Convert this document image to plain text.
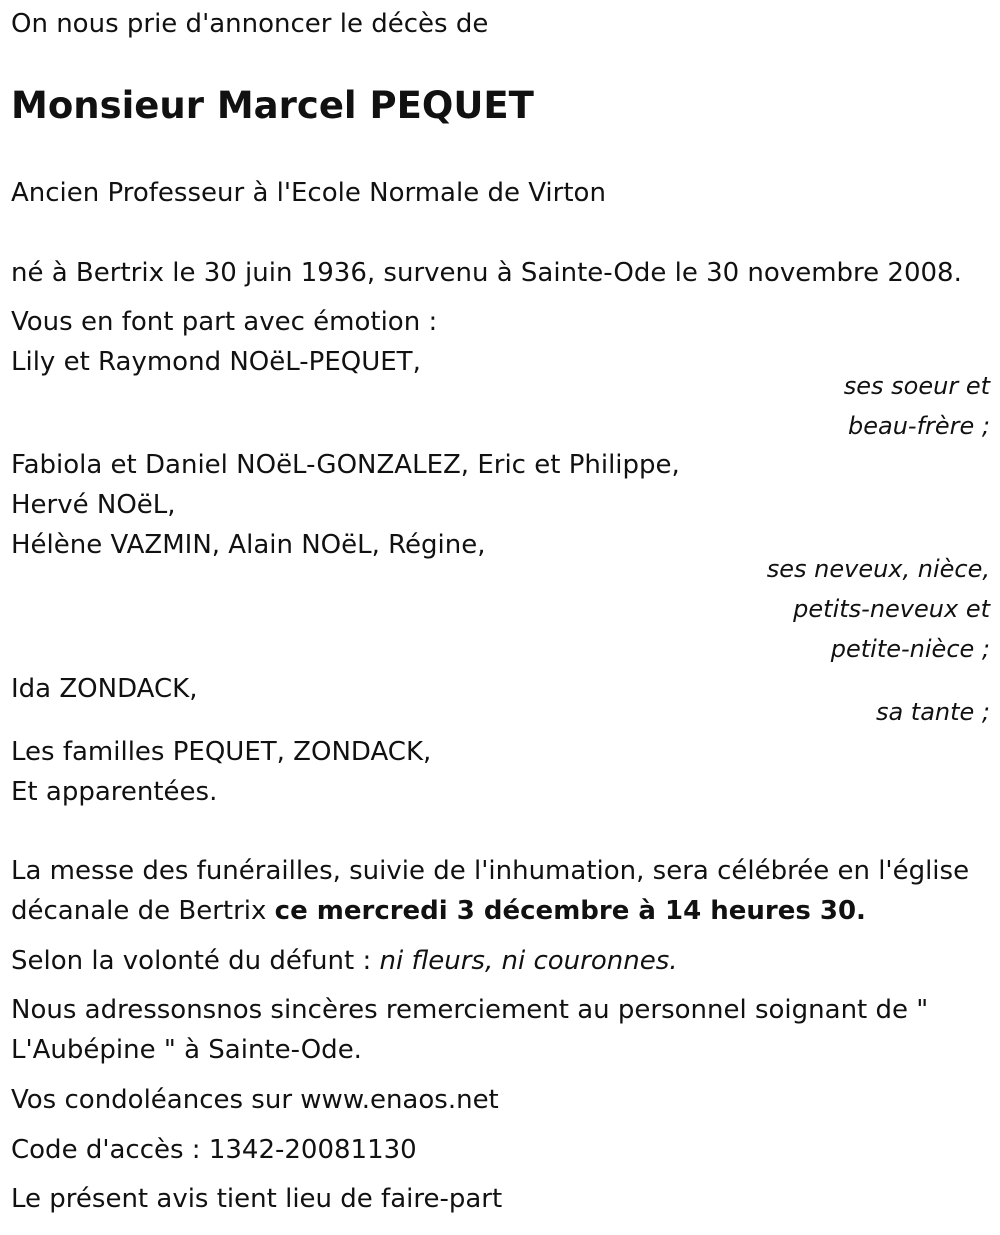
On nous prie d'annoncer le décès de
Monsieur Marcel PEQUET
Ancien Professeur à l'Ecole Normale de Virton
né à Bertrix le 30 juin 1936, survenu à Sainte-Ode le 30 novembre 2008.
Vous en font part avec émotion :
Lily et Raymond NOëL-PEQUET,
ses soeur et
beau-frère ;
Fabiola et Daniel NOëL-GONZALEZ, Eric et Philippe,
Hervé NOëL,
Hélène VAZMIN, Alain NOëL, Régine,
ses neveux, nièce,
petits-neveux et
petite-nièce ;
Ida ZONDACK,
sa tante ;
Les familles PEQUET, ZONDACK,
Et apparentées.
La messe des funérailles, suivie de l'inhumation, sera célébrée en l'église
décanale de Bertrix ce mercredi 3 décembre à 14 heures 30.
Selon la volonté du défunt : ni fleurs, ni couronnes.
Nous adressonsnos sincères remerciement au personnel soignant de "
L'Aubépine " à Sainte-Ode.
Vos condoléances sur www.enaos.net
Code d'accès : 1342-20081130
Le présent avis tient lieu de faire-part
